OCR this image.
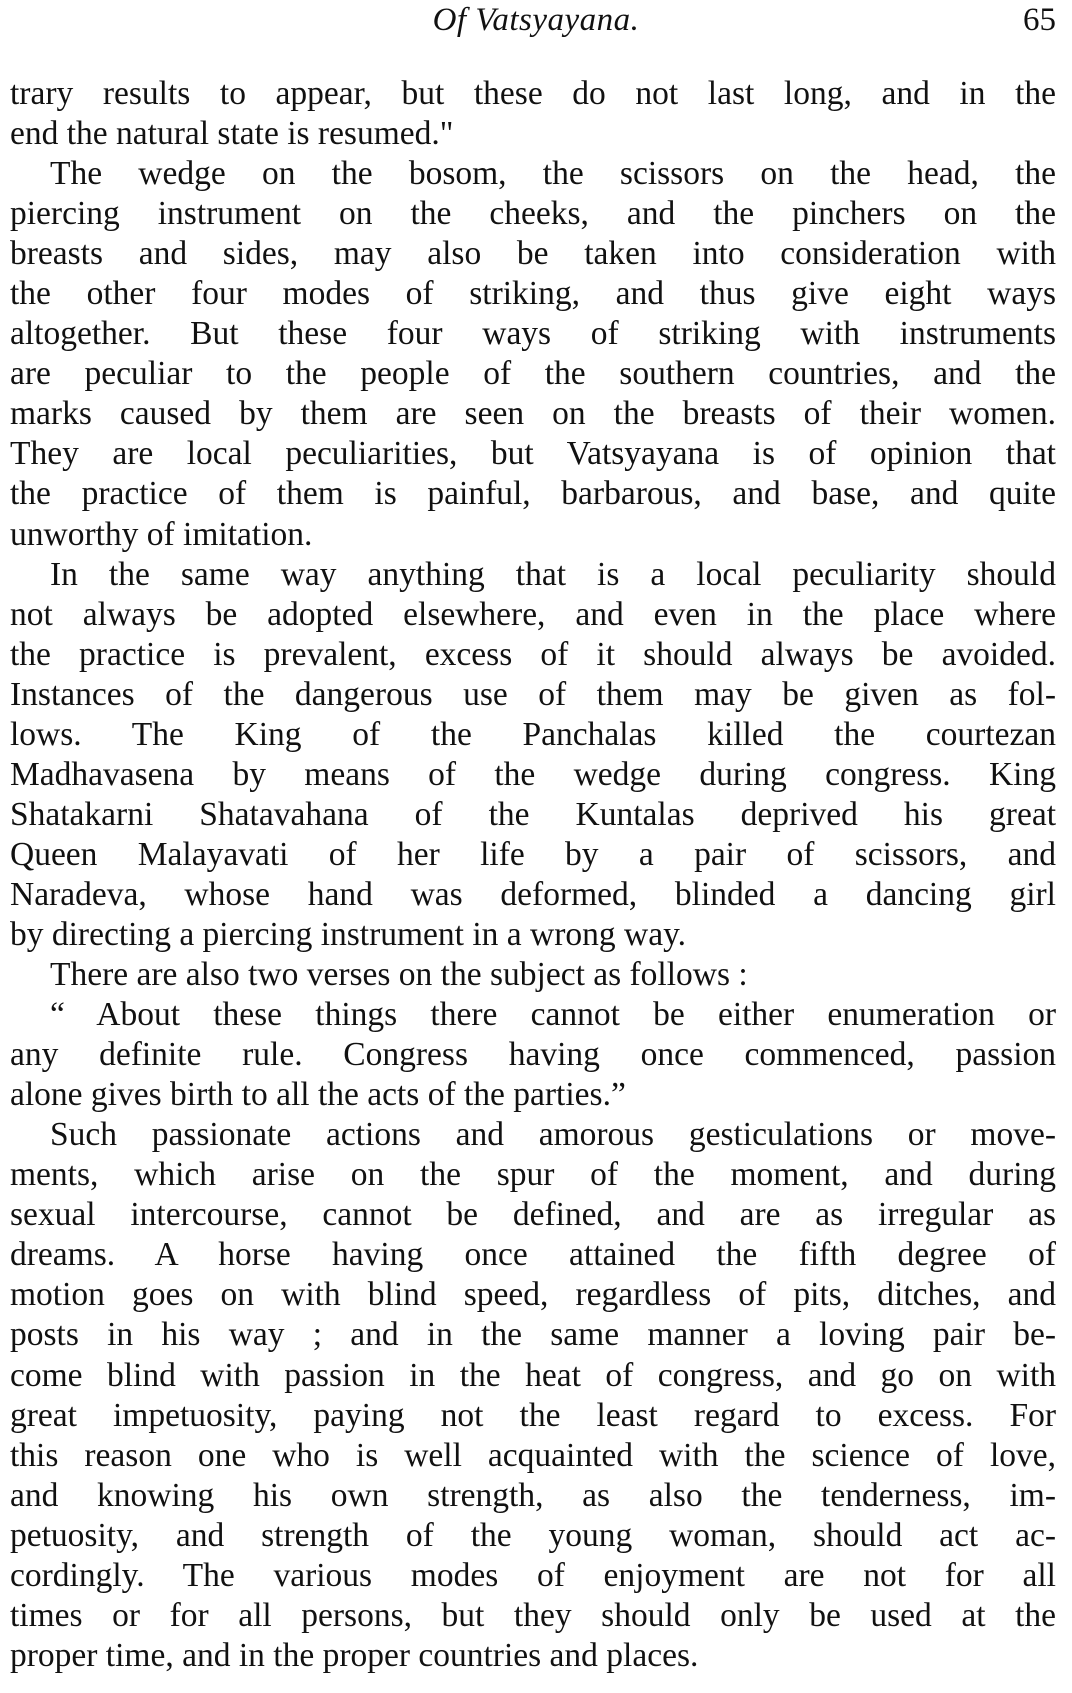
Of Vatsyayana.	65
trary results to appear, but these do not last long, and in the
end the natural state is resumed."
The wedge on the bosom, the scissors on the head, the
piercing instrument on the cheeks, and the pinchers on the
breasts and sides, may also be taken into consideration with
the other four modes of striking, and thus give eight ways
altogether. But these four ways of striking with instruments
are peculiar to the people of the southern countries, and the
marks caused by them are seen on the breasts of their women.
They are local peculiarities, but Vatsyayana is of opinion that
the practice of them is painful, barbarous, and base, and quite
unworthy of imitation.
In the same way anything that is a local peculiarity should
not always be adopted elsewhere, and even in the place where
the practice is prevalent, excess of it should always be avoided.
Instances of the dangerous use of them may be given as fol-
lows. The King of the Panchalas killed the courtezan
Madhavasena by means of the wedge during congress. King
Shatakarni Shatavahana of the Kuntalas deprived his great
Queen Malayavati of her life by a pair of scissors, and
Naradeva, whose hand was deformed, blinded a dancing girl
by directing a piercing instrument in a wrong way.
There are also two verses on the subject as follows :
“ About these things there cannot be either enumeration or
any definite rule. Congress having once commenced, passion
alone gives birth to all the acts of the parties.”
Such passionate actions and amorous gesticulations or move-
ments, which arise on the spur of the moment, and during
sexual intercourse, cannot be defined, and are as irregular as
dreams. A horse having once attained the fifth degree of
motion goes on with blind speed, regardless of pits, ditches, and
posts in his way ; and in the same manner a loving pair be-
come blind with passion in the heat of congress, and go on with
great impetuosity, paying not the least regard to excess. For
this reason one who is well acquainted with the science of love,
and knowing his own strength, as also the tenderness, im-
petuosity, and strength of the young woman, should act ac-
cordingly. The various modes of enjoyment are not for all
times or for all persons, but they should only be used at the
proper time, and in the proper countries and places.
